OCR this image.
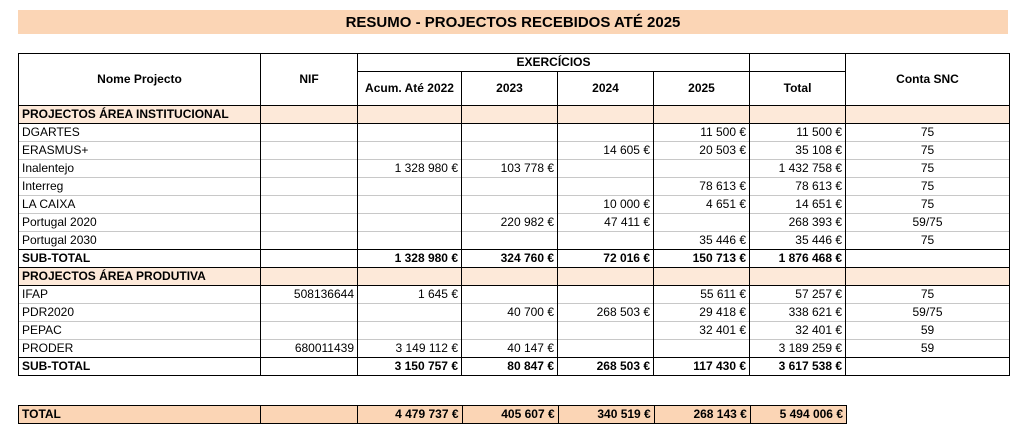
RESUMO - PROJECTOS RECEBIDOS ATÉ 2025
Nome Projecto	NIF	EXERCÍCIOS					Conta SNC
		Acum. Até 2022	2023	2024	2025	Total	
PROJECTOS ÁREA INSTITUCIONAL							
DGARTES					11 500 €	11 500 €	75
ERASMUS+				14 605 €	20 503 €	35 108 €	75
Inalentejo		1 328 980 €	103 778 €			1 432 758 €	75
Interreg					78 613 €	78 613 €	75
LA CAIXA				10 000 €	4 651 €	14 651 €	75
Portugal 2020			220 982 €	47 411 €		268 393 €	59/75
Portugal 2030					35 446 €	35 446 €	75
SUB-TOTAL		1 328 980 €	324 760 €	72 016 €	150 713 €	1 876 468 €	
PROJECTOS ÁREA PRODUTIVA							
IFAP	508136644	1 645 €			55 611 €	57 257 €	75
PDR2020			40 700 €	268 503 €	29 418 €	338 621 €	59/75
PEPAC					32 401 €	32 401 €	59
PRODER	680011439	3 149 112 €	40 147 €			3 189 259 €	59
SUB-TOTAL		3 150 757 €	80 847 €	268 503 €	117 430 €	3 617 538 €	
TOTAL		4 479 737 €	405 607 €	340 519 €	268 143 €	5 494 006 €
